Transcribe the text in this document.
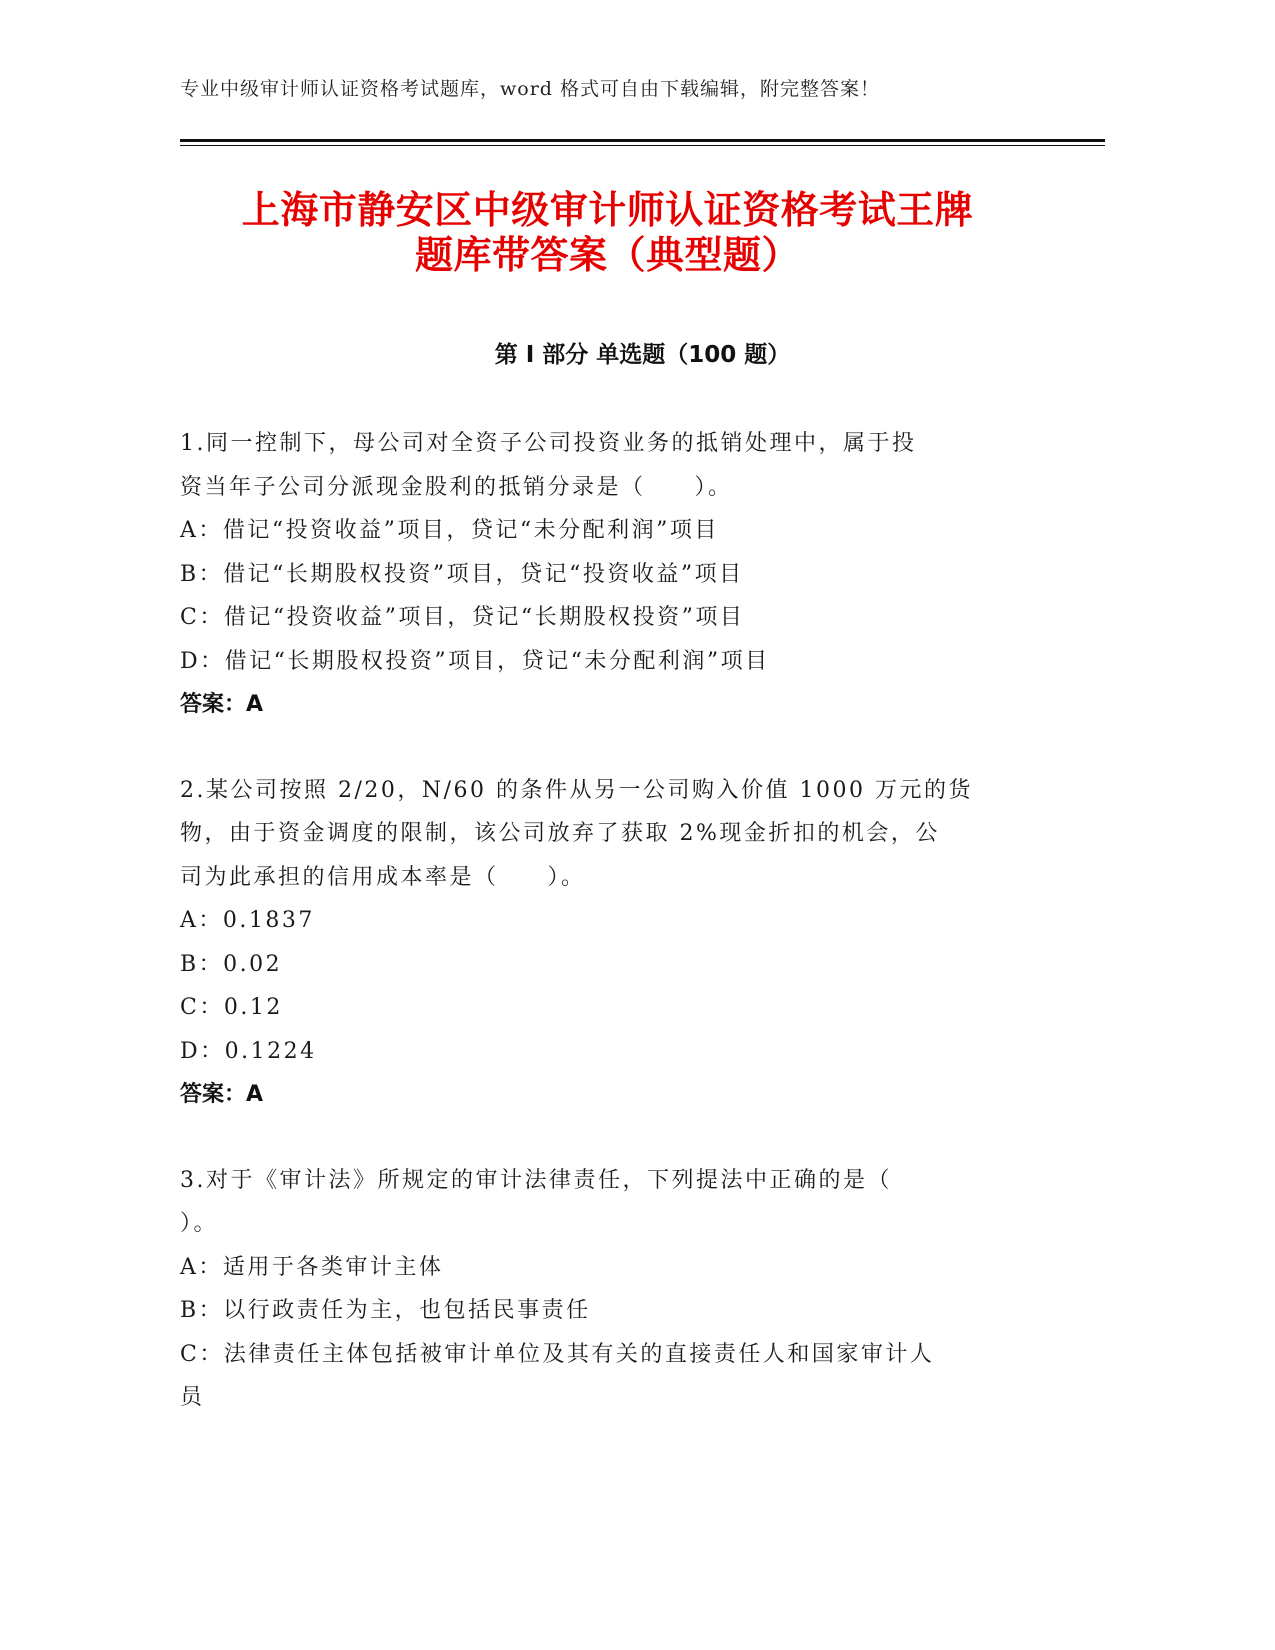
专业中级审计师认证资格考试题库，word 格式可自由下载编辑，附完整答案！
上海市静安区中级审计师认证资格考试王牌
题库带答案（典型题）
第 I 部分 单选题（100 题）
1.同一控制下，母公司对全资子公司投资业务的抵销处理中，属于投
资当年子公司分派现金股利的抵销分录是（　　）。
A：借记“投资收益”项目，贷记“未分配利润”项目
B：借记“长期股权投资”项目，贷记“投资收益”项目
C：借记“投资收益”项目，贷记“长期股权投资”项目
D：借记“长期股权投资”项目，贷记“未分配利润”项目
答案：A
2.某公司按照 2/20，N/60 的条件从另一公司购入价值 1000 万元的货
物，由于资金调度的限制，该公司放弃了获取 2%现金折扣的机会，公
司为此承担的信用成本率是（　　）。
A：0.1837
B：0.02
C：0.12
D：0.1224
答案：A
3.对于《审计法》所规定的审计法律责任，下列提法中正确的是（
）。
A：适用于各类审计主体
B：以行政责任为主，也包括民事责任
C：法律责任主体包括被审计单位及其有关的直接责任人和国家审计人
员
